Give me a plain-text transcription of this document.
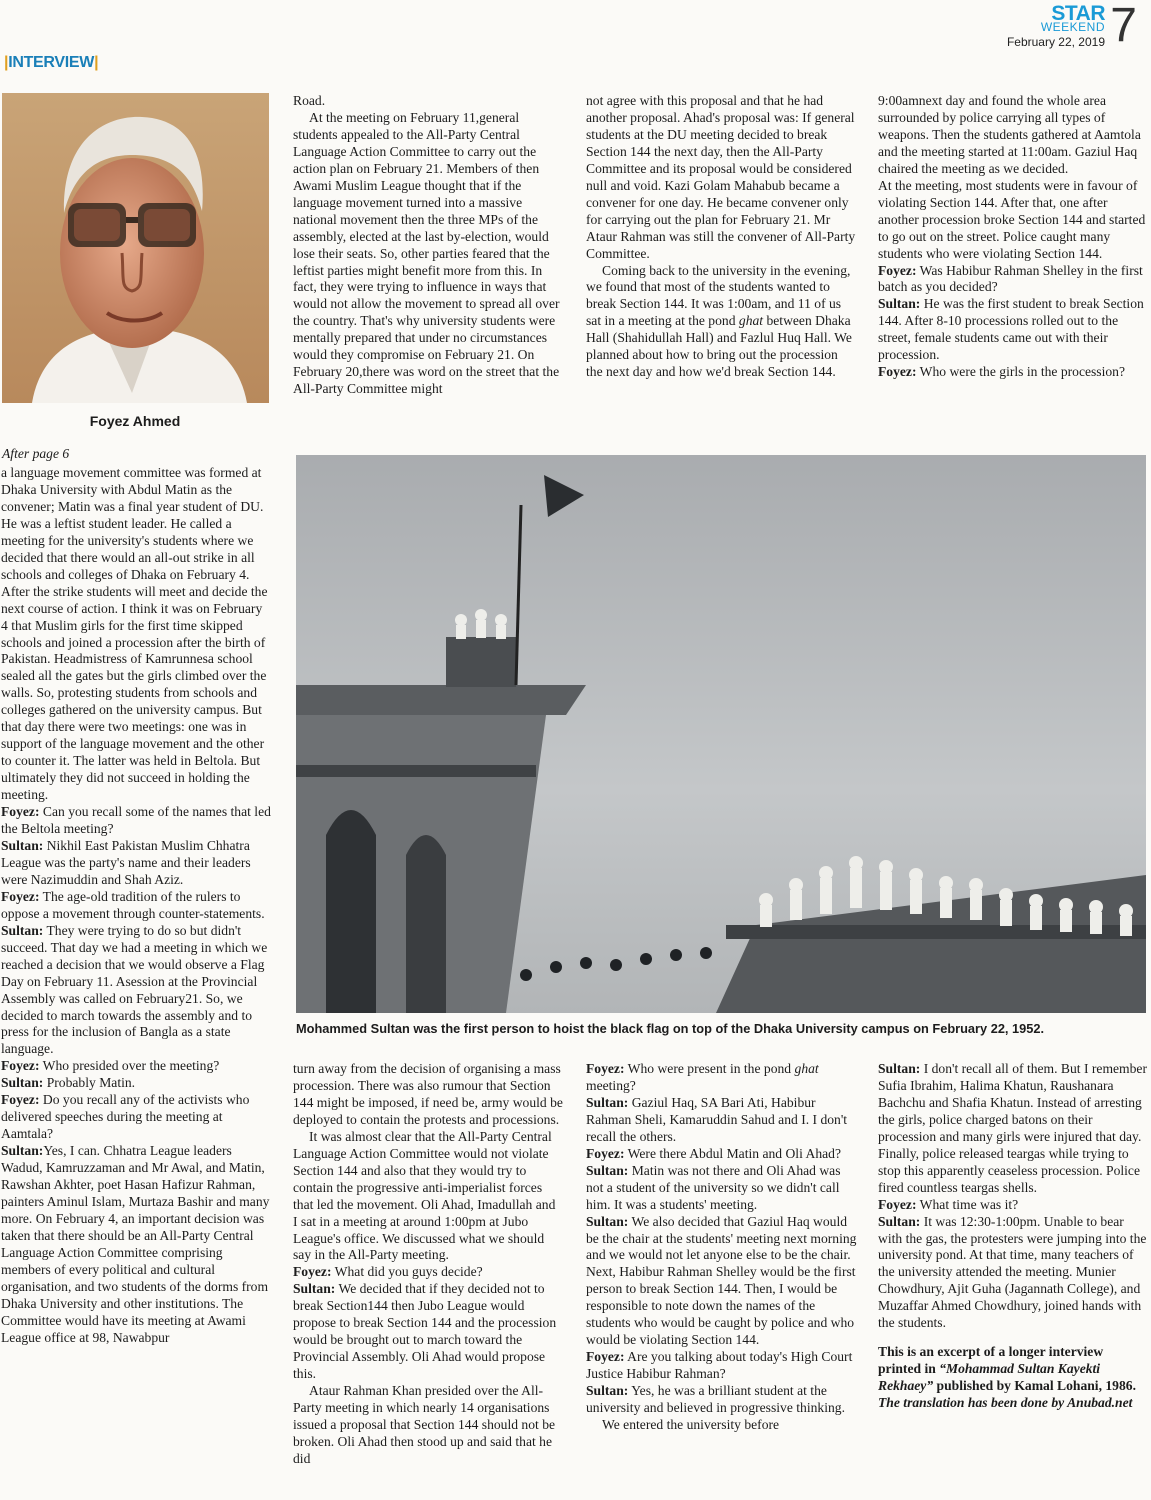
STAR
WEEKEND
February 22, 2019 7
|INTERVIEW|
Foyez Ahmed
After page 6

Road.

At the meeting on February 11,general students appealed to the All-Party Central Language Action Committee to carry out the action plan on February 21. Members of then Awami Muslim League thought that if the language movement turned into a massive national movement then the three MPs of the assembly, elected at the last by-election, would lose their seats. So, other parties feared that the leftist parties might benefit more from this. In fact, they were trying to influence in ways that would not allow the movement to spread all over the country. That's why university students were mentally prepared that under no circumstances would they compromise on February 21. On February 20,there was word on the street that the All-Party Committee might

not agree with this proposal and that he had another proposal. Ahad's proposal was: If general students at the DU meeting decided to break Section 144 the next day, then the All-Party Committee and its proposal would be considered null and void. Kazi Golam Mahabub became a convener for one day. He became convener only for carrying out the plan for February 21. Mr Ataur Rahman was still the convener of All-Party Committee.

Coming back to the university in the evening, we found that most of the students wanted to break Section 144. It was 1:00am, and 11 of us sat in a meeting at the pond ghat between Dhaka Hall (Shahidullah Hall) and Fazlul Huq Hall. We planned about how to bring out the procession the next day and how we'd break Section 144.

9:00amnext day and found the whole area surrounded by police carrying all types of weapons. Then the students gathered at Aamtola and the meeting started at 11:00am. Gaziul Haq chaired the meeting as we decided.

At the meeting, most students were in favour of violating Section 144. After that, one after another procession broke Section 144 and started to go out on the street. Police caught many students who were violating Section 144.

Foyez: Was Habibur Rahman Shelley in the first batch as you decided?

Sultan: He was the first student to break Section 144. After 8-10 processions rolled out to the street, female students came out with their procession.

Foyez: Who were the girls in the procession?

a language movement committee was formed at Dhaka University with Abdul Matin as the convener; Matin was a final year student of DU. He was a leftist student leader. He called a meeting for the university's students where we decided that there would an all-out strike in all schools and colleges of Dhaka on February 4. After the strike students will meet and decide the next course of action. I think it was on February 4 that Muslim girls for the first time skipped schools and joined a procession after the birth of Pakistan. Headmistress of Kamrunnesa school sealed all the gates but the girls climbed over the walls. So, protesting students from schools and colleges gathered on the university campus. But that day there were two meetings: one was in support of the language movement and the other to counter it. The latter was held in Beltola. But ultimately they did not succeed in holding the meeting.

Foyez: Can you recall some of the names that led the Beltola meeting?

Sultan: Nikhil East Pakistan Muslim Chhatra League was the party's name and their leaders were Nazimuddin and Shah Aziz.

Foyez: The age-old tradition of the rulers to oppose a movement through counter-statements.

Sultan: They were trying to do so but didn't succeed. That day we had a meeting in which we reached a decision that we would observe a Flag Day on February 11. Asession at the Provincial Assembly was called on February21. So, we decided to march towards the assembly and to press for the inclusion of Bangla as a state language.

Foyez: Who presided over the meeting?

Sultan: Probably Matin.

Foyez: Do you recall any of the activists who delivered speeches during the meeting at Aamtala?

Sultan:Yes, I can. Chhatra League leaders Wadud, Kamruzzaman and Mr Awal, and Matin, Rawshan Akhter, poet Hasan Hafizur Rahman, painters Aminul Islam, Murtaza Bashir and many more. On February 4, an important decision was taken that there should be an All-Party Central Language Action Committee comprising members of every political and cultural organisation, and two students of the dorms from Dhaka University and other institutions. The Committee would have its meeting at Awami League office at 98, Nawabpur

Mohammed Sultan was the first person to hoist the black flag on top of the Dhaka University campus on February 22, 1952.

turn away from the decision of organising a mass procession. There was also rumour that Section 144 might be imposed, if need be, army would be deployed to contain the protests and processions.

It was almost clear that the All-Party Central Language Action Committee would not violate Section 144 and also that they would try to contain the progressive anti-imperialist forces that led the movement. Oli Ahad, Imadullah and I sat in a meeting at around 1:00pm at Jubo League's office. We discussed what we should say in the All-Party meeting.

Foyez: What did you guys decide?

Sultan: We decided that if they decided not to break Section144 then Jubo League would propose to break Section 144 and the procession would be brought out to march toward the Provincial Assembly. Oli Ahad would propose this.

Ataur Rahman Khan presided over the All-Party meeting in which nearly 14 organisations issued a proposal that Section 144 should not be broken. Oli Ahad then stood up and said that he did

Foyez: Who were present in the pond ghat meeting?

Sultan: Gaziul Haq, SA Bari Ati, Habibur Rahman Sheli, Kamaruddin Sahud and I. I don't recall the others.

Foyez: Were there Abdul Matin and Oli Ahad?

Sultan: Matin was not there and Oli Ahad was not a student of the university so we didn't call him. It was a students' meeting.

Sultan: We also decided that Gaziul Haq would be the chair at the students' meeting next morning and we would not let anyone else to be the chair. Next, Habibur Rahman Shelley would be the first person to break Section 144. Then, I would be responsible to note down the names of the students who would be caught by police and who would be violating Section 144.

Foyez: Are you talking about today's High Court Justice Habibur Rahman?

Sultan: Yes, he was a brilliant student at the university and believed in progressive thinking.

We entered the university before

Sultan: I don't recall all of them. But I remember Sufia Ibrahim, Halima Khatun, Raushanara Bachchu and Shafia Khatun. Instead of arresting the girls, police charged batons on their procession and many girls were injured that day. Finally, police released teargas while trying to stop this apparently ceaseless procession. Police fired countless teargas shells.

Foyez: What time was it?

Sultan: It was 12:30-1:00pm. Unable to bear with the gas, the protesters were jumping into the university pond. At that time, many teachers of the university attended the meeting. Munier Chowdhury, Ajit Guha (Jagannath College), and Muzaffar Ahmed Chowdhury, joined hands with the students.

This is an excerpt of a longer interview printed in “Mohammad Sultan Kayekti Rekhaey” published by Kamal Lohani, 1986.

The translation has been done by Anubad.net
